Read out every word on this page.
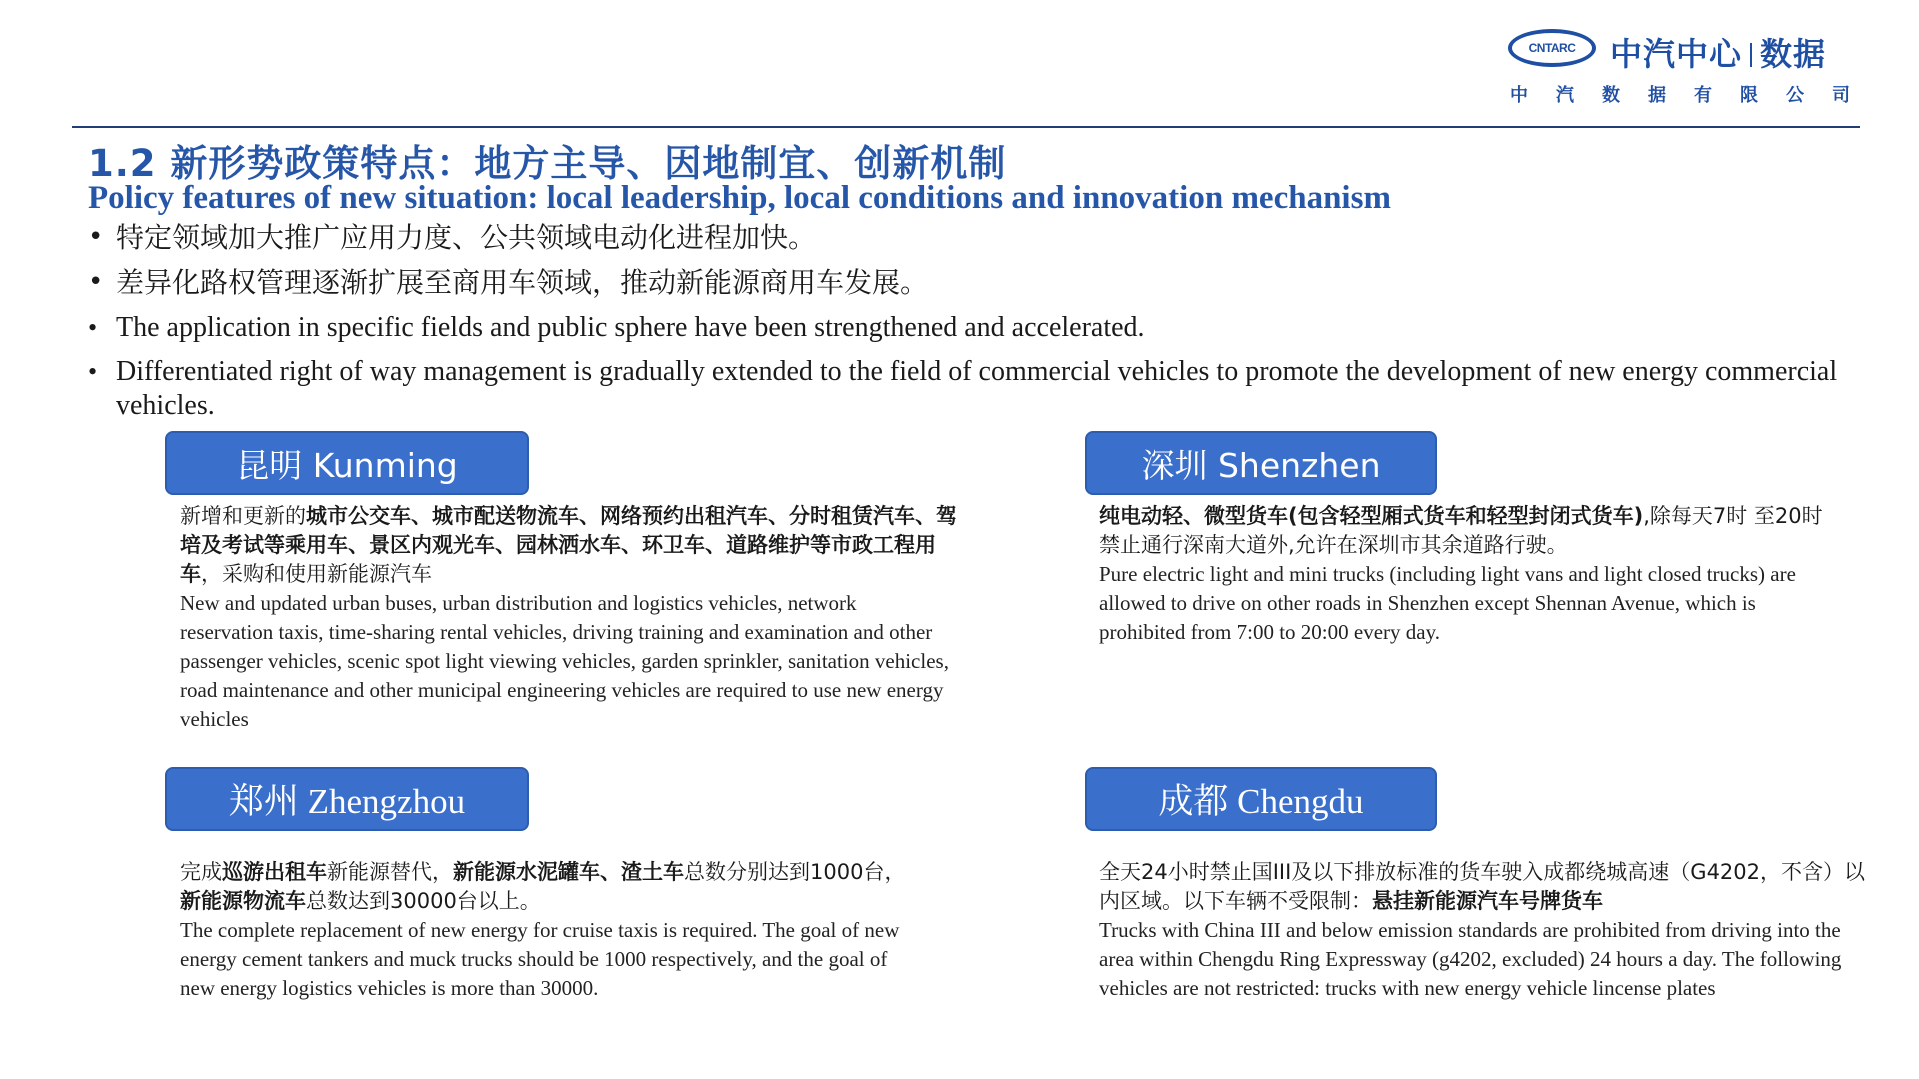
CNTARC	中汽中心 数据
中 汽 数 据 有 限 公 司
1.2 新形势政策特点：地方主导、因地制宜、创新机制
Policy features of new situation: local leadership, local conditions and innovation mechanism
• 特定领域加大推广应用力度、公共领域电动化进程加快。
• 差异化路权管理逐渐扩展至商用车领域，推动新能源商用车发展。
• The application in specific fields and public sphere have been strengthened and accelerated.
• Differentiated right of way management is gradually extended to the field of commercial vehicles to promote the development of new energy commercial vehicles.
昆明 Kunming
新增和更新的城市公交车、城市配送物流车、网络预约出租汽车、分时租赁汽车、驾培及考试等乘用车、景区内观光车、园林洒水车、环卫车、道路维护等市政工程用车，采购和使用新能源汽车
New and updated urban buses, urban distribution and logistics vehicles, network reservation taxis, time-sharing rental vehicles, driving training and examination and other passenger vehicles, scenic spot light viewing vehicles, garden sprinkler, sanitation vehicles, road maintenance and other municipal engineering vehicles are required to use new energy vehicles
深圳 Shenzhen
纯电动轻、微型货车(包含轻型厢式货车和轻型封闭式货车),除每天7时 至20时禁止通行深南大道外,允许在深圳市其余道路行驶。
Pure electric light and mini trucks (including light vans and light closed trucks) are allowed to drive on other roads in Shenzhen except Shennan Avenue, which is prohibited from 7:00 to 20:00 every day.
郑州 Zhengzhou
完成巡游出租车新能源替代，新能源水泥罐车、渣土车总数分别达到1000台，新能源物流车总数达到30000台以上。
The complete replacement of new energy for cruise taxis is required. The goal of new energy cement tankers and muck trucks should be 1000 respectively, and the goal of new energy logistics vehicles is more than 30000.
成都 Chengdu
全天24小时禁止国III及以下排放标准的货车驶入成都绕城高速（G4202，不含）以内区域。以下车辆不受限制：悬挂新能源汽车号牌货车
Trucks with China III and below emission standards are prohibited from driving into the area within Chengdu Ring Expressway (g4202, excluded) 24 hours a day. The following vehicles are not restricted: trucks with new energy vehicle lincense plates
